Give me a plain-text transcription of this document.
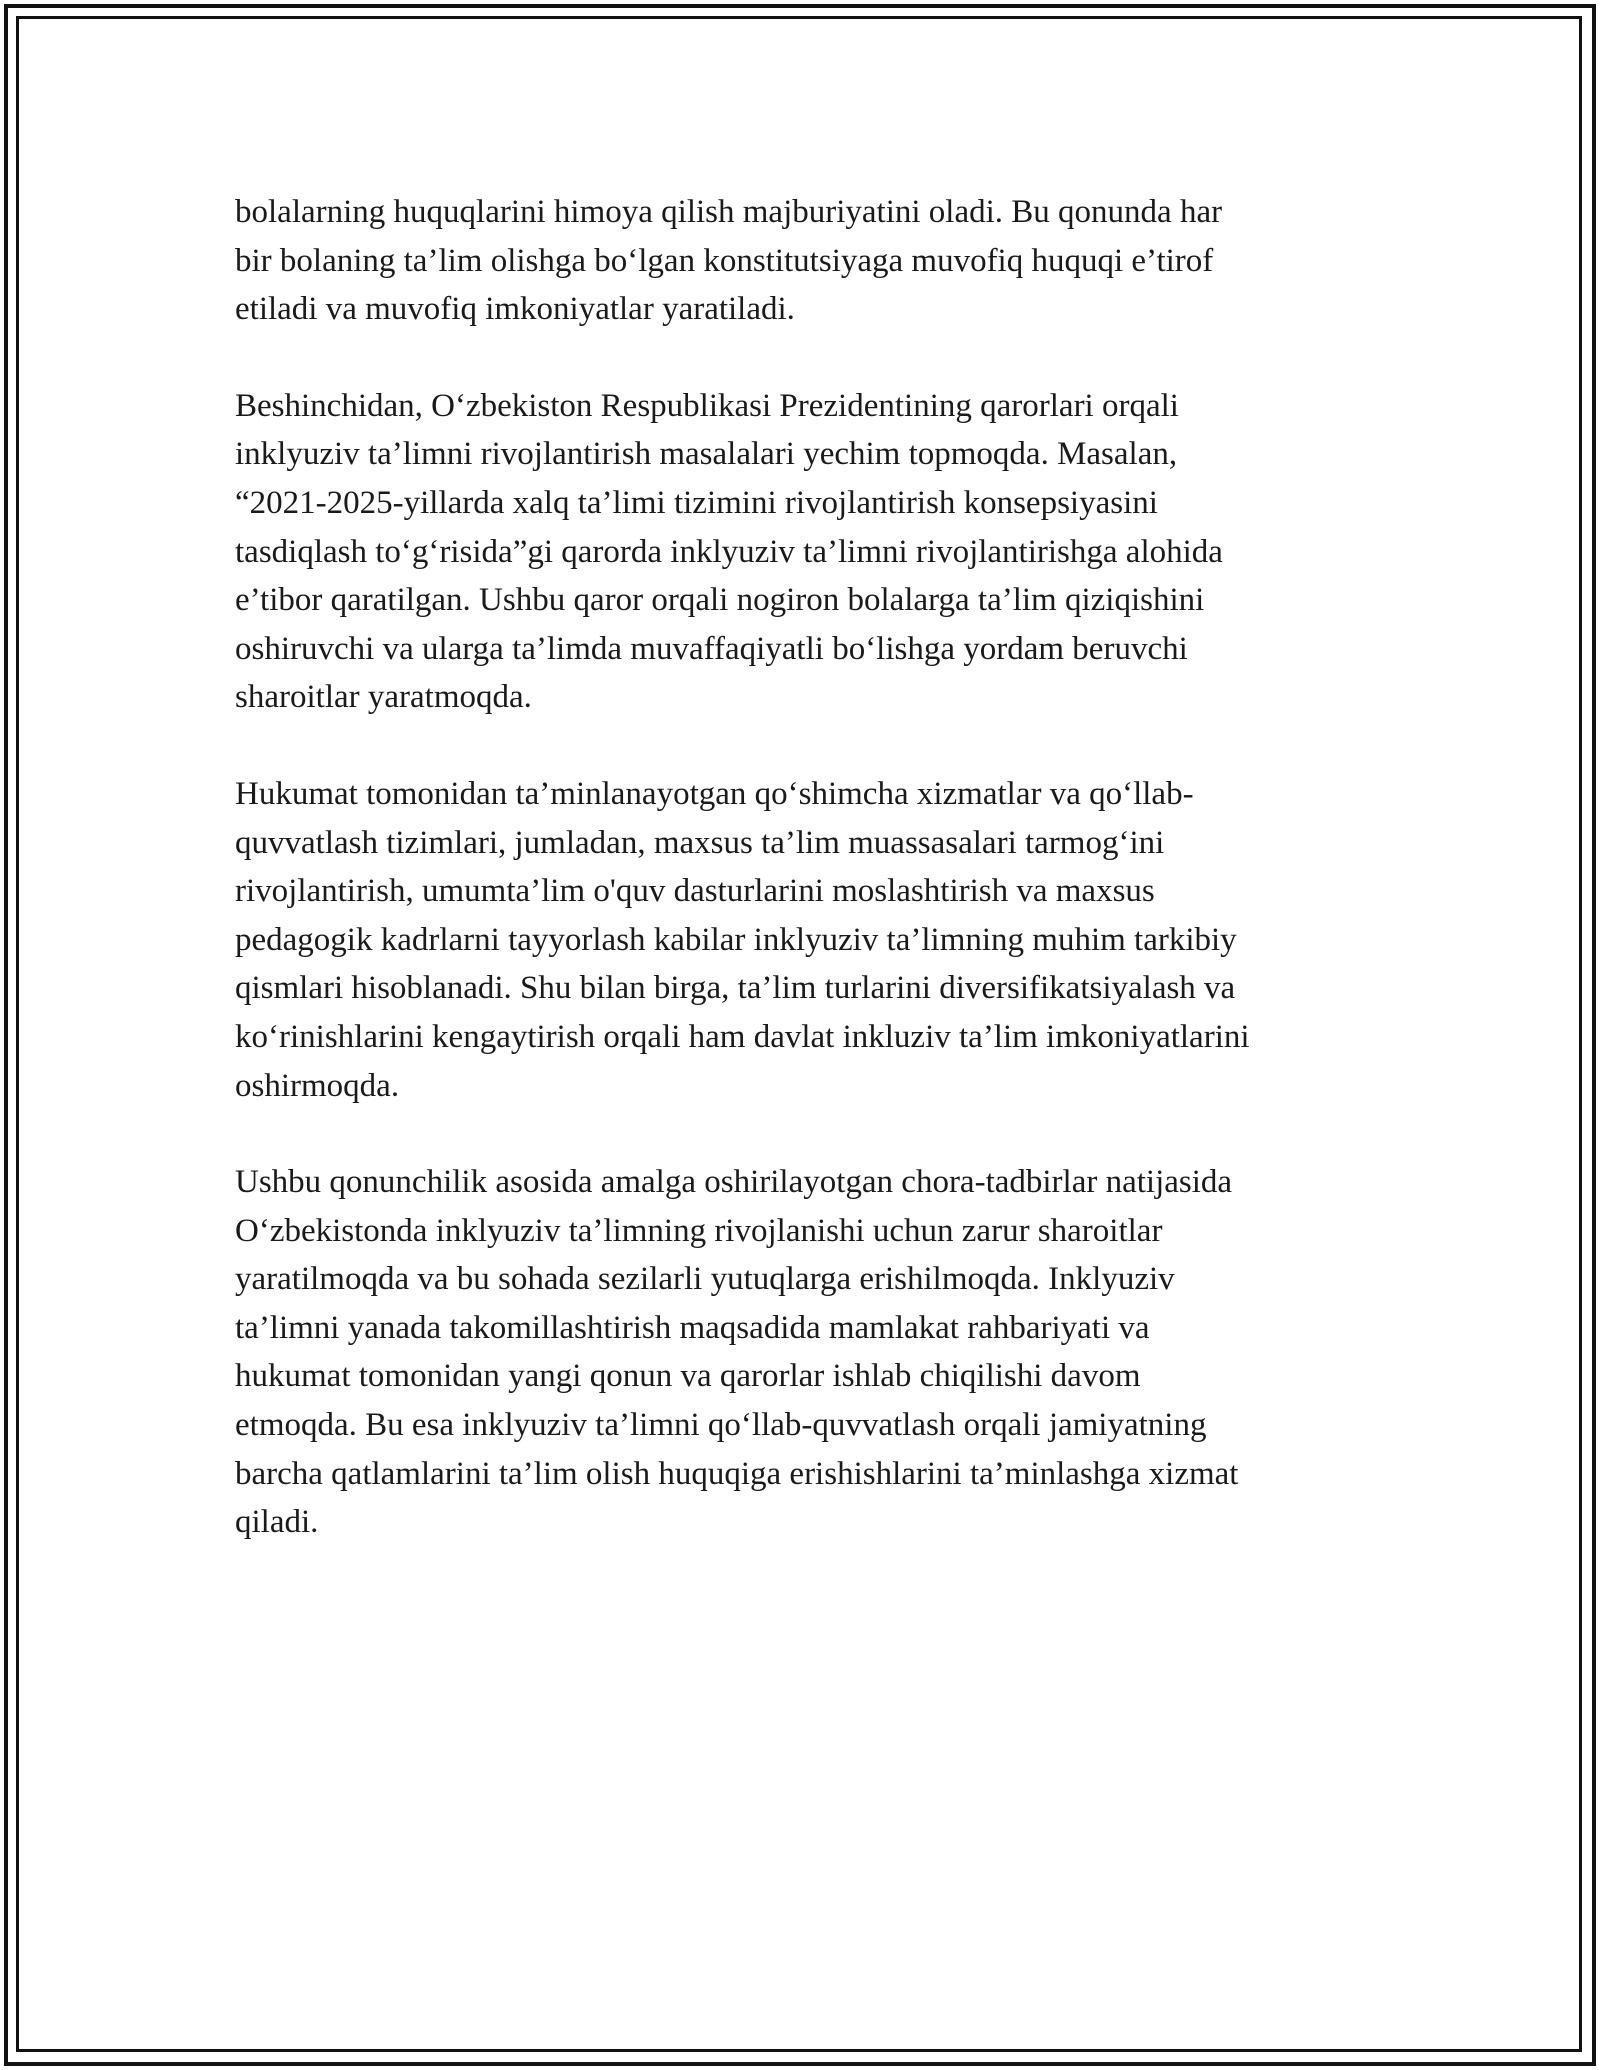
bolalarning huquqlarini himoya qilish majburiyatini oladi. Bu qonunda har
bir bolaning ta’lim olishga bo‘lgan konstitutsiyaga muvofiq huquqi e’tirof
etiladi va muvofiq imkoniyatlar yaratiladi.

Beshinchidan, O‘zbekiston Respublikasi Prezidentining qarorlari orqali
inklyuziv ta’limni rivojlantirish masalalari yechim topmoqda. Masalan,
“2021-2025-yillarda xalq ta’limi tizimini rivojlantirish konsepsiyasini
tasdiqlash to‘g‘risida”gi qarorda inklyuziv ta’limni rivojlantirishga alohida
e’tibor qaratilgan. Ushbu qaror orqali nogiron bolalarga ta’lim qiziqishini
oshiruvchi va ularga ta’limda muvaffaqiyatli bo‘lishga yordam beruvchi
sharoitlar yaratmoqda.

Hukumat tomonidan ta’minlanayotgan qo‘shimcha xizmatlar va qo‘llab-
quvvatlash tizimlari, jumladan, maxsus ta’lim muassasalari tarmog‘ini
rivojlantirish, umumta’lim o'quv dasturlarini moslashtirish va maxsus
pedagogik kadrlarni tayyorlash kabilar inklyuziv ta’limning muhim tarkibiy
qismlari hisoblanadi. Shu bilan birga, ta’lim turlarini diversifikatsiyalash va
ko‘rinishlarini kengaytirish orqali ham davlat inkluziv ta’lim imkoniyatlarini
oshirmoqda.

Ushbu qonunchilik asosida amalga oshirilayotgan chora-tadbirlar natijasida
O‘zbekistonda inklyuziv ta’limning rivojlanishi uchun zarur sharoitlar
yaratilmoqda va bu sohada sezilarli yutuqlarga erishilmoqda. Inklyuziv
ta’limni yanada takomillashtirish maqsadida mamlakat rahbariyati va
hukumat tomonidan yangi qonun va qarorlar ishlab chiqilishi davom
etmoqda. Bu esa inklyuziv ta’limni qo‘llab-quvvatlash orqali jamiyatning
barcha qatlamlarini ta’lim olish huquqiga erishishlarini ta’minlashga xizmat
qiladi.
